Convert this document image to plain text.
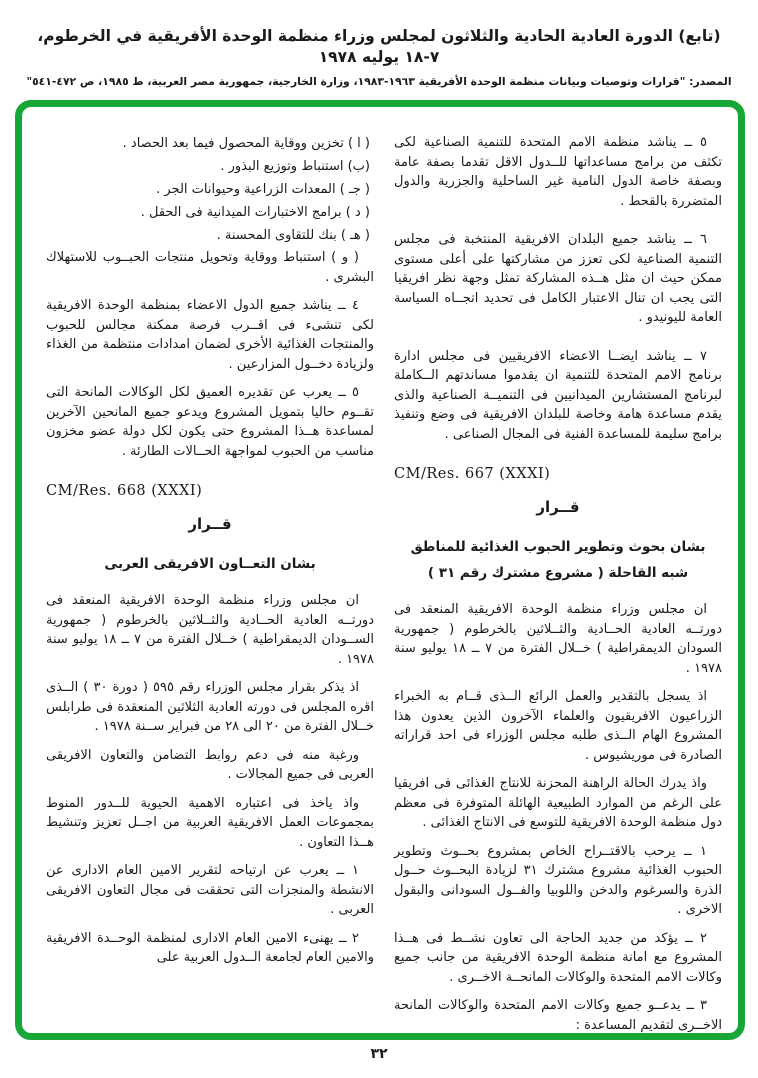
(تابع) الدورة العادية الحادية والثلاثون لمجلس وزراء منظمة الوحدة الأفريقية في الخرطوم، ٧-١٨ يوليه ١٩٧٨
المصدر: "قرارات وتوصيات وبيانات منظمة الوحدة الأفريقية ١٩٦٣-١٩٨٣، وزارة الخارجية، جمهورية مصر العربية، ط ١٩٨٥، ص ٤٧٢-٥٤١"

( ا ) تخزين ووقاية المحصول فيما بعد الحصاد .

(ب) استنباط وتوزيع البذور .

( جـ ) المعدات الزراعية وحيوانات الجر .

( د ) برامج الاختبارات الميدانية فى الحقل .

( هـ ) بنك للتقاوى المحسنة .

( و ) استنباط ووقاية وتحويل منتجات الحبــوب للاستهلاك البشرى .

٤ ــ يناشد جميع الدول الاعضاء بمنظمة الوحدة الافريقية لكى تنشىء فى اقــرب فرصة ممكنة مجالس للحبوب والمنتجات الغذائية الأخرى لضمان امدادات منتظمة من الغذاء ولزيادة دخــول المزارعين .

٥ ــ يعرب عن تقديره العميق لكل الوكالات المانحة التى تقــوم حاليا بتمويل المشروع ويدعو جميع المانحين الآخرين لمساعدة هــذا المشروع حتى يكون لكل دولة عضو مخزون مناسب من الحبوب لمواجهة الحــالات الطارئة .

CM/Res. 668 (XXXI)

قــرار

بشان التعــاون الافريقى العربى

ان مجلس وزراء منظمة الوحدة الافريقية المنعقد فى دورتــه العادية الحــادية والثــلاثين بالخرطوم ( جمهورية الســودان الديمقراطية ) خــلال الفترة من ٧ ــ ١٨ يوليو سنة ١٩٧٨ .

اذ يذكر بقرار مجلس الوزراء رقم ٥٩٥ ( دورة ٣٠ ) الــذى اقره المجلس فى دورته العادية الثلاثين المنعقدة فى طرابلس خــلال الفترة من ٢٠ الى ٢٨ من فبراير ســنة ١٩٧٨ .

ورغبة منه فى دعم روابط التضامن والتعاون الافريقى العربى فى جميع المجالات .

واذ ياخذ فى اعتباره الاهمية الحيوية للــدور المنوط بمجموعات العمل الافريقية العربية من اجــل تعزيز وتنشيط هــذا التعاون .

١ ــ يعرب عن ارتياحه لتقرير الامين العام الادارى عن الانشطة والمنجزات التى تحققت فى مجال التعاون الافريقى العربى .

٢ ــ يهنىء الامين العام الادارى لمنظمة الوحــدة الافريقية والامين العام لجامعة الــدول العربية على

٥ ــ يناشد منظمة الامم المتحدة للتنمية الصناعية لكى تكثف من برامج مساعداتها للــدول الاقل تقدما بصفة عامة وبصفة خاصة الدول النامية غير الساحلية والجزرية والدول المتضررة بالقحط .

٦ ــ يناشد جميع البلدان الافريقية المنتخبة فى مجلس التنمية الصناعية لكى تعزز من مشاركتها على أعلى مستوى ممكن حيث ان مثل هــذه المشاركة تمثل وجهة نظر افريقيا التى يجب ان تنال الاعتبار الكامل فى تحديد اتجــاه السياسة العامة لليونيدو .

٧ ــ يناشد ايضــا الاعضاء الافريقيين فى مجلس ادارة برنامج الامم المتحدة للتنمية ان يقدموا مساندتهم الــكاملة لبرنامج المستشارين الميدانيين فى التنميــة الصناعية والذى يقدم مساعدة هامة وخاصة للبلدان الافريقية فى وضع وتنفيذ برامج سليمة للمساعدة الفنية فى المجال الصناعى .

CM/Res. 667 (XXXI)

قــرار

بشان بحوث وتطوير الحبوب الغذائية للمناطق
شبه القاحلة ( مشروع مشترك رقم ٣١ )

ان مجلس وزراء منظمة الوحدة الافريقية المنعقد فى دورتــه العادية الحــادية والثــلاثين بالخرطوم ( جمهورية السودان الديمقراطية ) خــلال الفترة من ٧ ــ ١٨ يوليو سنة ١٩٧٨ .

اذ يسجل بالتقدير والعمل الرائع الــذى قــام به الخبراء الزراعيون الافريقيون والعلماء الآخرون الذين يعدون هذا المشروع الهام الــذى طلبه مجلس الوزراء فى احد قراراته الصادرة فى موريشيوس .

واذ يدرك الحالة الراهنة المحزنة للانتاج الغذائى فى افريقيا على الرغم من الموارد الطبيعية الهائلة المتوفرة فى معظم دول منظمة الوحدة الافريقية للتوسع فى الانتاج الغذائى .

١ ــ يرحب بالاقتــراح الخاص بمشروع بحــوث وتطوير الحبوب الغذائية مشروع مشترك ٣١ لزيادة البحــوث حــول الذرة والسرغوم والدخن واللوبيا والفــول السودانى والبقول الاخرى .

٢ ــ يؤكد من جديد الحاجة الى تعاون نشــط فى هــذا المشروع مع امانة منظمة الوحدة الافريقية من جانب جميع وكالات الامم المتحدة والوكالات المانحــة الاخــرى .

٣ ــ يدعــو جميع وكالات الامم المتحدة والوكالات المانحة الاخــرى لتقديم المساعدة :

٣٢
